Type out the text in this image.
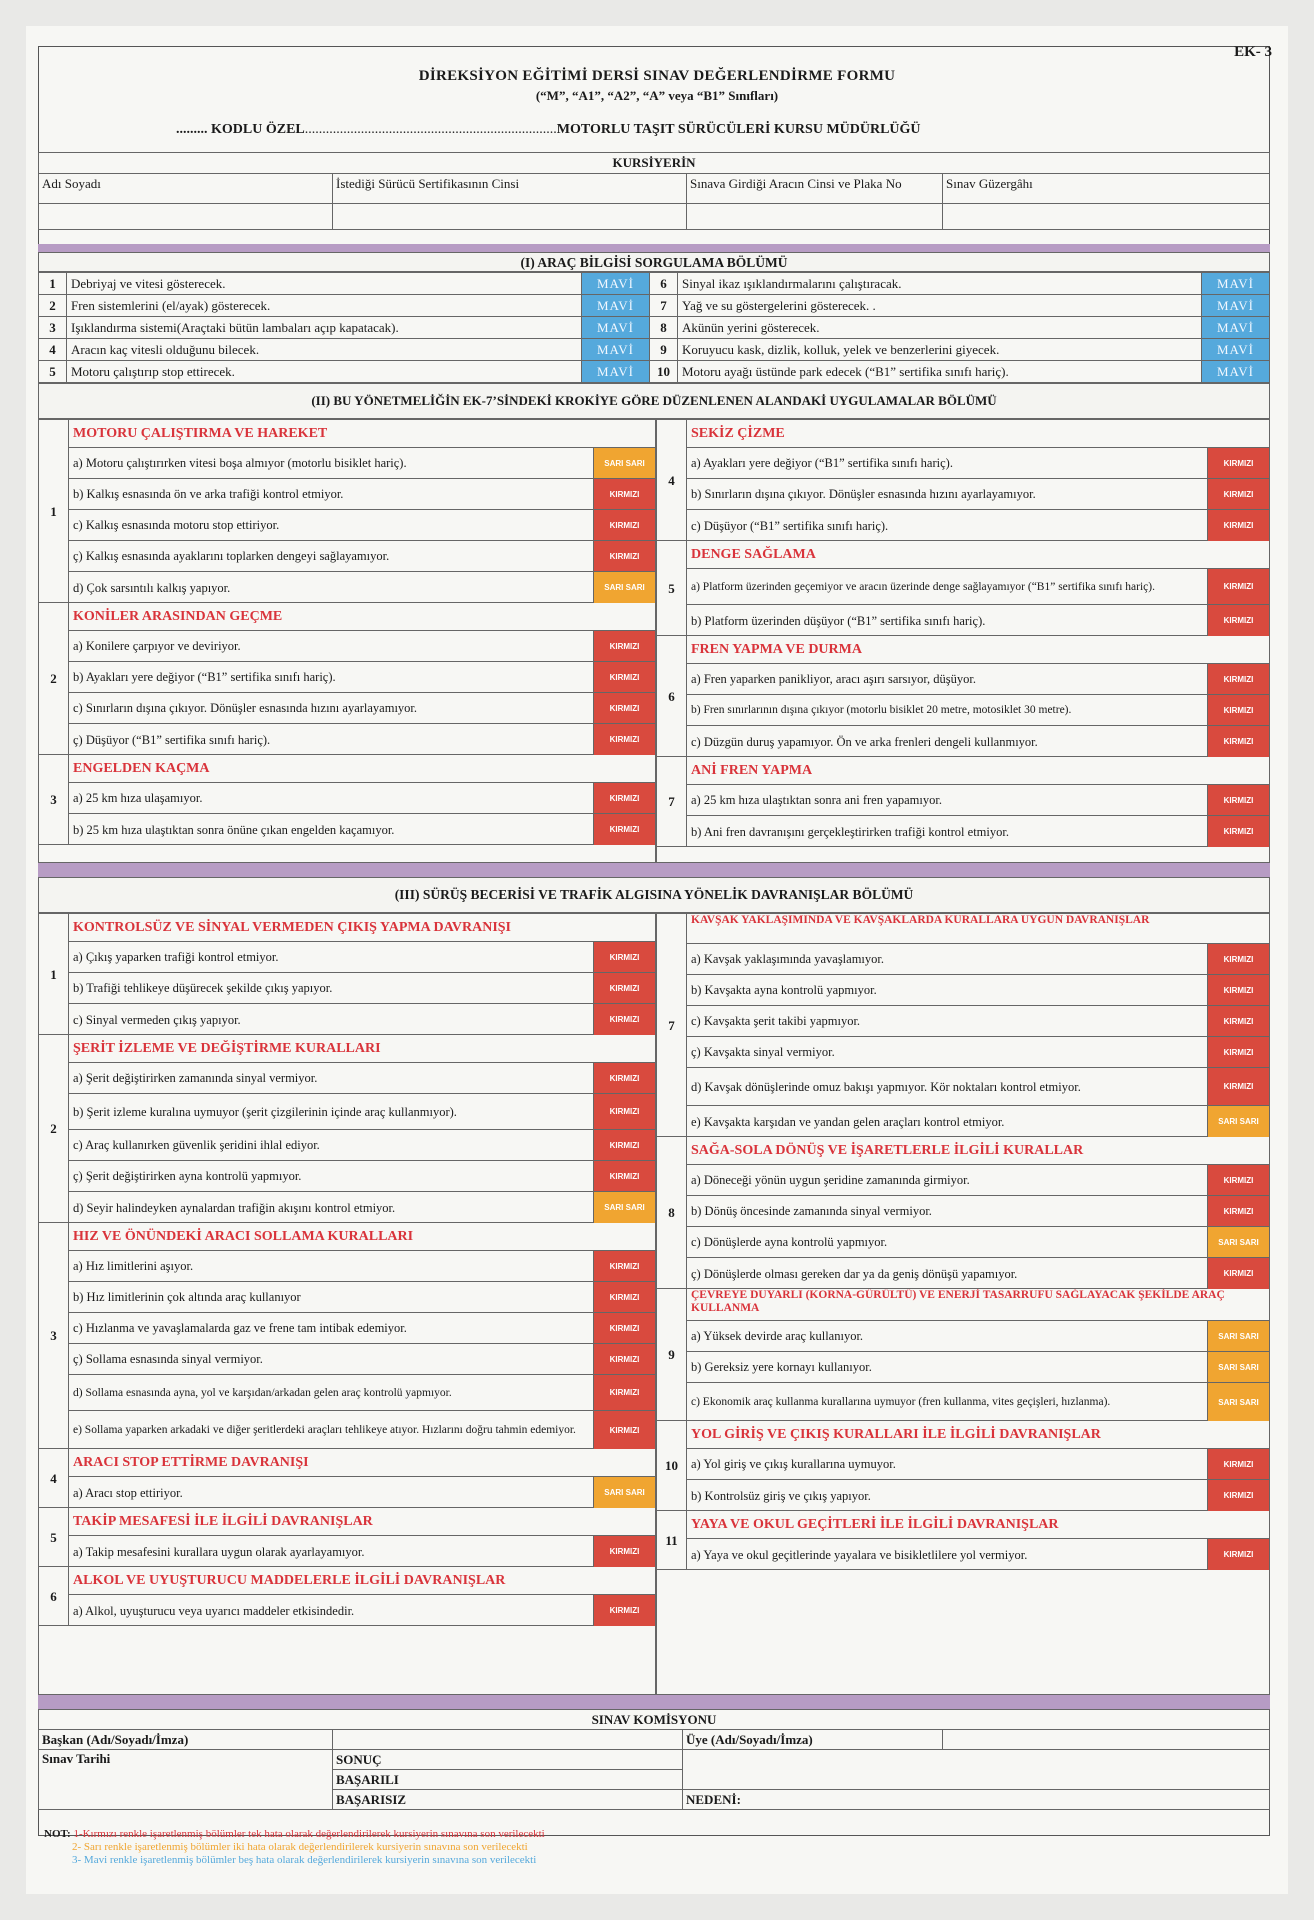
EK- 3
DİREKSİYON EĞİTİMİ DERSİ SINAV DEĞERLENDİRME FORMU
(“M”, “A1”, “A2”, “A” veya “B1” Sınıfları)
......... KODLU ÖZEL........................................................................MOTORLU TAŞIT SÜRÜCÜLERİ KURSU MÜDÜRLÜĞÜ
KURSİYERİN			
Adı Soyadı	İstediği Sürücü Sertifikasının Cinsi	Sınava Girdiği Aracın Cinsi ve Plaka No	Sınav Güzergâhı

(I) ARAÇ BİLGİSİ SORGULAMA BÖLÜMÜ
1	Debriyaj ve vitesi gösterecek.	MAVİ	6	Sinyal ikaz ışıklandırmalarını çalıştıracak.	MAVİ
2	Fren sistemlerini (el/ayak) gösterecek.	MAVİ	7	Yağ ve su göstergelerini gösterecek. .	MAVİ
3	Işıklandırma sistemi(Araçtaki bütün lambaları açıp kapatacak).	MAVİ	8	Akünün yerini gösterecek.	MAVİ
4	Aracın kaç vitesli olduğunu bilecek.	MAVİ	9	Koruyucu kask, dizlik, kolluk, yelek ve benzerlerini giyecek.	MAVİ
5	Motoru çalıştırıp stop ettirecek.	MAVİ	10	Motoru ayağı üstünde park edecek (“B1” sertifika sınıfı hariç).	MAVİ
(II) BU YÖNETMELİĞİN EK-7’SİNDEKİ KROKİYE GÖRE DÜZENLENEN ALANDAKİ UYGULAMALAR BÖLÜMÜ
1
MOTORU ÇALIŞTIRMA VE HAREKET
a) Motoru çalıştırırken vitesi boşa almıyor (motorlu bisiklet hariç).	SARI SARI
b) Kalkış esnasında ön ve arka trafiği kontrol etmiyor.	KIRMIZI
c) Kalkış esnasında motoru stop ettiriyor.	KIRMIZI
ç) Kalkış esnasında ayaklarını toplarken dengeyi sağlayamıyor.	KIRMIZI
d) Çok sarsıntılı kalkış yapıyor.	SARI SARI
2
KONİLER ARASINDAN GEÇME
a) Konilere çarpıyor ve deviriyor.	KIRMIZI
b) Ayakları yere değiyor (“B1” sertifika sınıfı hariç).	KIRMIZI
c) Sınırların dışına çıkıyor. Dönüşler esnasında hızını ayarlayamıyor.	KIRMIZI
ç) Düşüyor (“B1” sertifika sınıfı hariç).	KIRMIZI
3
ENGELDEN KAÇMA
a) 25 km hıza ulaşamıyor.	KIRMIZI
b) 25 km hıza ulaştıktan sonra önüne çıkan engelden kaçamıyor.	KIRMIZI
4
SEKİZ ÇİZME
a) Ayakları yere değiyor (“B1” sertifika sınıfı hariç).	KIRMIZI
b) Sınırların dışına çıkıyor. Dönüşler esnasında hızını ayarlayamıyor.	KIRMIZI
c) Düşüyor (“B1” sertifika sınıfı hariç).	KIRMIZI
5
DENGE SAĞLAMA
a) Platform üzerinden geçemiyor ve aracın üzerinde denge sağlayamıyor (“B1” sertifika sınıfı hariç).	KIRMIZI
b) Platform üzerinden düşüyor (“B1” sertifika sınıfı hariç).	KIRMIZI
6
FREN YAPMA VE DURMA
a) Fren yaparken panikliyor, aracı aşırı sarsıyor, düşüyor.	KIRMIZI
b) Fren sınırlarının dışına çıkıyor (motorlu bisiklet 20 metre, motosiklet 30 metre).	KIRMIZI
c) Düzgün duruş yapamıyor. Ön ve arka frenleri dengeli kullanmıyor.	KIRMIZI
7
ANİ FREN YAPMA
a) 25 km hıza ulaştıktan sonra ani fren yapamıyor.	KIRMIZI
b) Ani fren davranışını gerçekleştirirken trafiği kontrol etmiyor.	KIRMIZI
(III) SÜRÜŞ BECERİSİ VE TRAFİK ALGISINA YÖNELİK DAVRANIŞLAR BÖLÜMÜ
1
KONTROLSÜZ VE SİNYAL VERMEDEN ÇIKIŞ YAPMA DAVRANIŞI
a) Çıkış yaparken trafiği kontrol etmiyor.	KIRMIZI
b) Trafiği tehlikeye düşürecek şekilde çıkış yapıyor.	KIRMIZI
c) Sinyal vermeden çıkış yapıyor.	KIRMIZI
2
ŞERİT İZLEME VE DEĞİŞTİRME KURALLARI
a) Şerit değiştirirken zamanında sinyal vermiyor.	KIRMIZI
b) Şerit izleme kuralına uymuyor (şerit çizgilerinin içinde araç kullanmıyor).	KIRMIZI
c) Araç kullanırken güvenlik şeridini ihlal ediyor.	KIRMIZI
ç) Şerit değiştirirken ayna kontrolü yapmıyor.	KIRMIZI
d) Seyir halindeyken aynalardan trafiğin akışını kontrol etmiyor.	SARI SARI
3
HIZ VE ÖNÜNDEKİ ARACI SOLLAMA KURALLARI
a) Hız limitlerini aşıyor.	KIRMIZI
b) Hız limitlerinin çok altında araç kullanıyor	KIRMIZI
c) Hızlanma ve yavaşlamalarda gaz ve frene tam intibak edemiyor.	KIRMIZI
ç) Sollama esnasında sinyal vermiyor.	KIRMIZI
d) Sollama esnasında ayna, yol ve karşıdan/arkadan gelen araç kontrolü yapmıyor.	KIRMIZI
e) Sollama yaparken arkadaki ve diğer şeritlerdeki araçları tehlikeye atıyor. Hızlarını doğru tahmin edemiyor.	KIRMIZI
4
ARACI STOP ETTİRME DAVRANIŞI
a) Aracı stop ettiriyor.	SARI SARI
5
TAKİP MESAFESİ İLE İLGİLİ DAVRANIŞLAR
a) Takip mesafesini kurallara uygun olarak ayarlayamıyor.	KIRMIZI
6
ALKOL VE UYUŞTURUCU MADDELERLE İLGİLİ DAVRANIŞLAR
a) Alkol, uyuşturucu veya uyarıcı maddeler etkisindedir.	KIRMIZI
7
KAVŞAK YAKLAŞIMINDA VE KAVŞAKLARDA KURALLARA UYGUN DAVRANIŞLAR
a) Kavşak yaklaşımında yavaşlamıyor.	KIRMIZI
b) Kavşakta ayna kontrolü yapmıyor.	KIRMIZI
c) Kavşakta şerit takibi yapmıyor.	KIRMIZI
ç) Kavşakta sinyal vermiyor.	KIRMIZI
d) Kavşak dönüşlerinde omuz bakışı yapmıyor. Kör noktaları kontrol etmiyor.	KIRMIZI
e) Kavşakta karşıdan ve yandan gelen araçları kontrol etmiyor.	SARI SARI
8
SAĞA-SOLA DÖNÜŞ VE İŞARETLERLE İLGİLİ KURALLAR
a) Döneceği yönün uygun şeridine zamanında girmiyor.	KIRMIZI
b) Dönüş öncesinde zamanında sinyal vermiyor.	KIRMIZI
c) Dönüşlerde ayna kontrolü yapmıyor.	SARI SARI
ç) Dönüşlerde olması gereken dar ya da geniş dönüşü yapamıyor.	KIRMIZI
9
ÇEVREYE DUYARLI (KORNA-GÜRÜLTÜ) VE ENERJİ TASARRUFU SAĞLAYACAK ŞEKİLDE ARAÇ KULLANMA
a) Yüksek devirde araç kullanıyor.	SARI SARI
b) Gereksiz yere kornayı kullanıyor.	SARI SARI
c) Ekonomik araç kullanma kurallarına uymuyor (fren kullanma, vites geçişleri, hızlanma).	SARI SARI
10
YOL GİRİŞ VE ÇIKIŞ KURALLARI İLE İLGİLİ DAVRANIŞLAR
a) Yol giriş ve çıkış kurallarına uymuyor.	KIRMIZI
b) Kontrolsüz giriş ve çıkış yapıyor.	KIRMIZI
11
YAYA VE OKUL GEÇİTLERİ İLE İLGİLİ DAVRANIŞLAR
a) Yaya ve okul geçitlerinde yayalara ve bisikletlilere yol vermiyor.	KIRMIZI
SINAV KOMİSYONU			
Başkan (Adı/Soyadı/İmza)		Üye (Adı/Soyadı/İmza)	
Sınav Tarihi	SONUÇ		
	BAŞARILI		
	BAŞARISIZ	NEDENİ:	
NOT: 1-Kırmızı renkle işaretlenmiş bölümler tek hata olarak değerlendirilerek kursiyerin sınavına son verilecekti
2- Sarı renkle işaretlenmiş bölümler iki hata olarak değerlendirilerek kursiyerin sınavına son verilecekti
3- Mavi renkle işaretlenmiş bölümler beş hata olarak değerlendirilerek kursiyerin sınavına son verilecekti
